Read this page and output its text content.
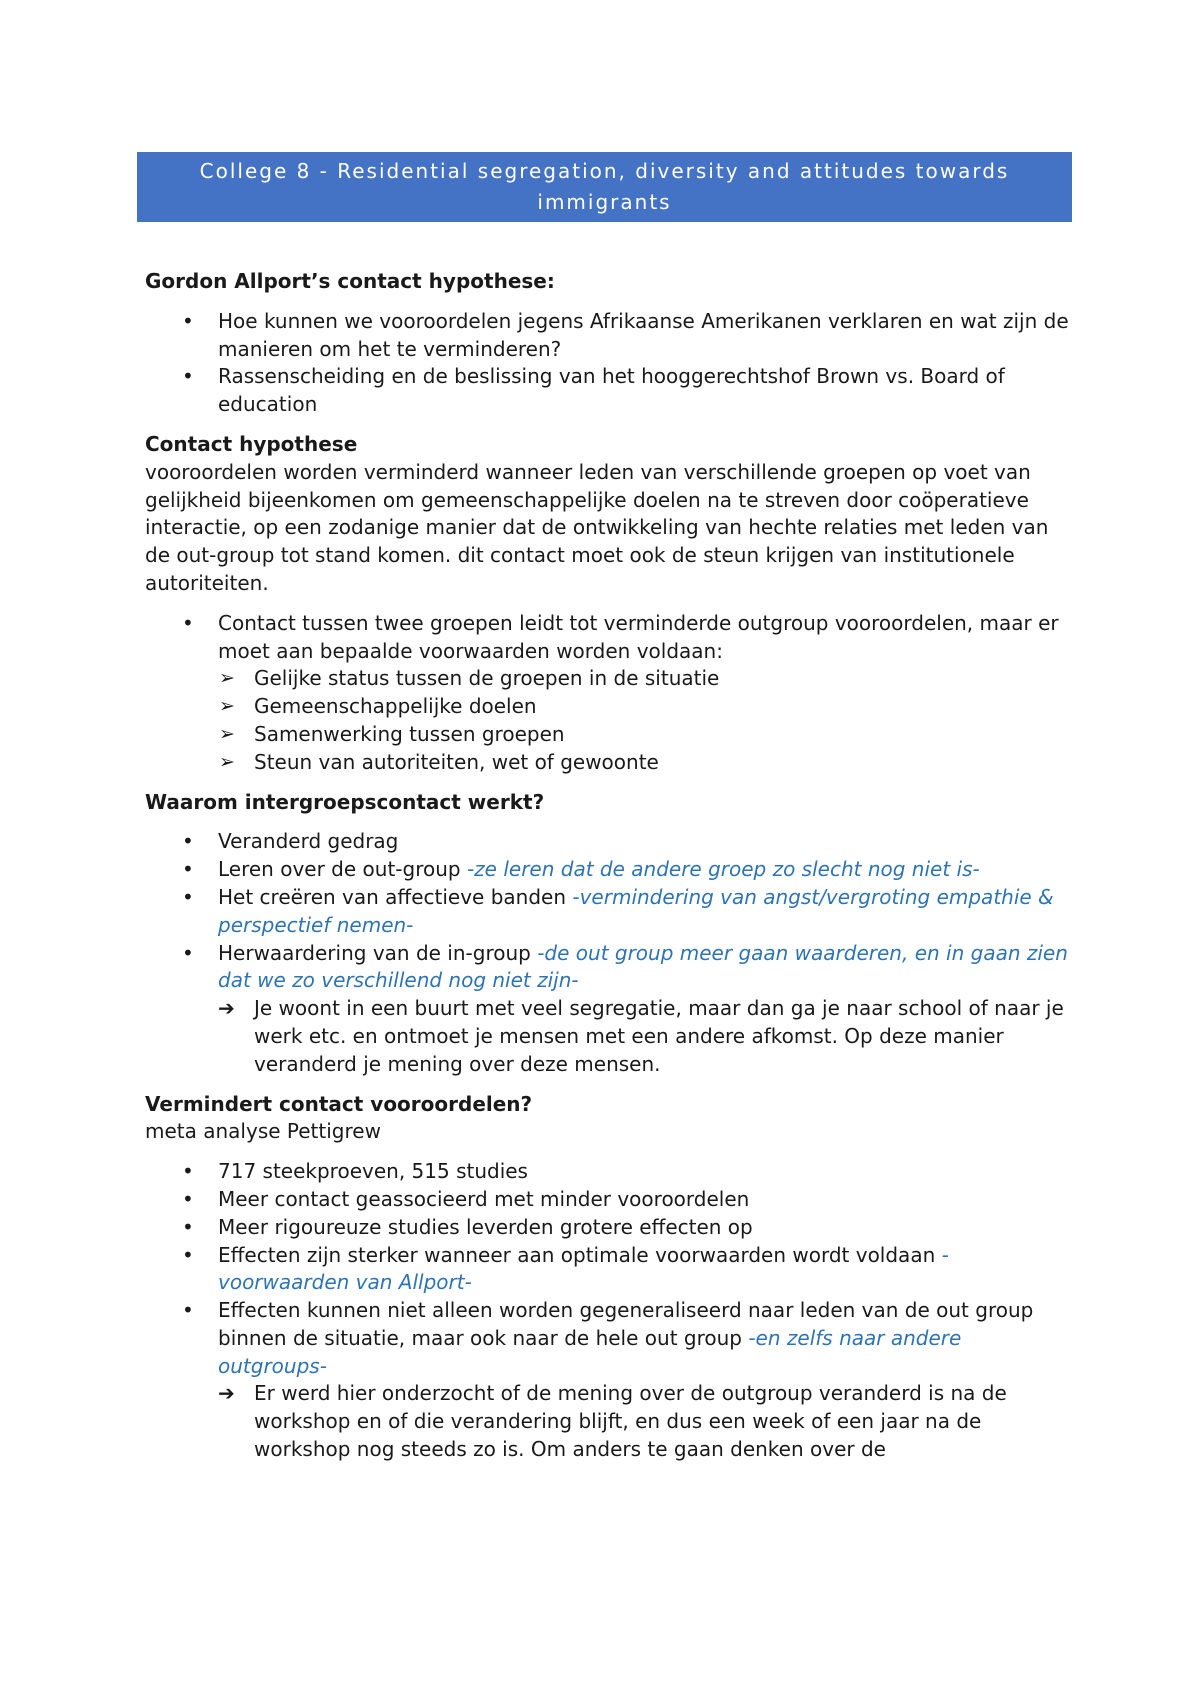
College 8 - Residential segregation, diversity and attitudes towards immigrants

Gordon Allport’s contact hypothese:

• Hoe kunnen we vooroordelen jegens Afrikaanse Amerikanen verklaren en wat zijn de manieren om het te verminderen?
• Rassenscheiding en de beslissing van het hooggerechtshof Brown vs. Board of education

Contact hypothese

vooroordelen worden verminderd wanneer leden van verschillende groepen op voet van gelijkheid bijeenkomen om gemeenschappelijke doelen na te streven door coöperatieve interactie, op een zodanige manier dat de ontwikkeling van hechte relaties met leden van de out-group tot stand komen. dit contact moet ook de steun krijgen van institutionele autoriteiten.

• Contact tussen twee groepen leidt tot verminderde outgroup vooroordelen, maar er moet aan bepaalde voorwaarden worden voldaan:
➢ Gelijke status tussen de groepen in de situatie
➢ Gemeenschappelijke doelen
➢ Samenwerking tussen groepen
➢ Steun van autoriteiten, wet of gewoonte

Waarom intergroepscontact werkt?

• Veranderd gedrag
• Leren over de out-group -ze leren dat de andere groep zo slecht nog niet is-
• Het creëren van affectieve banden -vermindering van angst/vergroting empathie & perspectief nemen-
• Herwaardering van de in-group -de out group meer gaan waarderen, en in gaan zien dat we zo verschillend nog niet zijn-
➔ Je woont in een buurt met veel segregatie, maar dan ga je naar school of naar je werk etc. en ontmoet je mensen met een andere afkomst. Op deze manier veranderd je mening over deze mensen.

Vermindert contact vooroordelen?

meta analyse Pettigrew

• 717 steekproeven, 515 studies
• Meer contact geassocieerd met minder vooroordelen
• Meer rigoureuze studies leverden grotere effecten op
• Effecten zijn sterker wanneer aan optimale voorwaarden wordt voldaan -voorwaarden van Allport-
• Effecten kunnen niet alleen worden gegeneraliseerd naar leden van de out group binnen de situatie, maar ook naar de hele out group -en zelfs naar andere outgroups-
➔ Er werd hier onderzocht of de mening over de outgroup veranderd is na de workshop en of die verandering blijft, en dus een week of een jaar na de workshop nog steeds zo is. Om anders te gaan denken over de
